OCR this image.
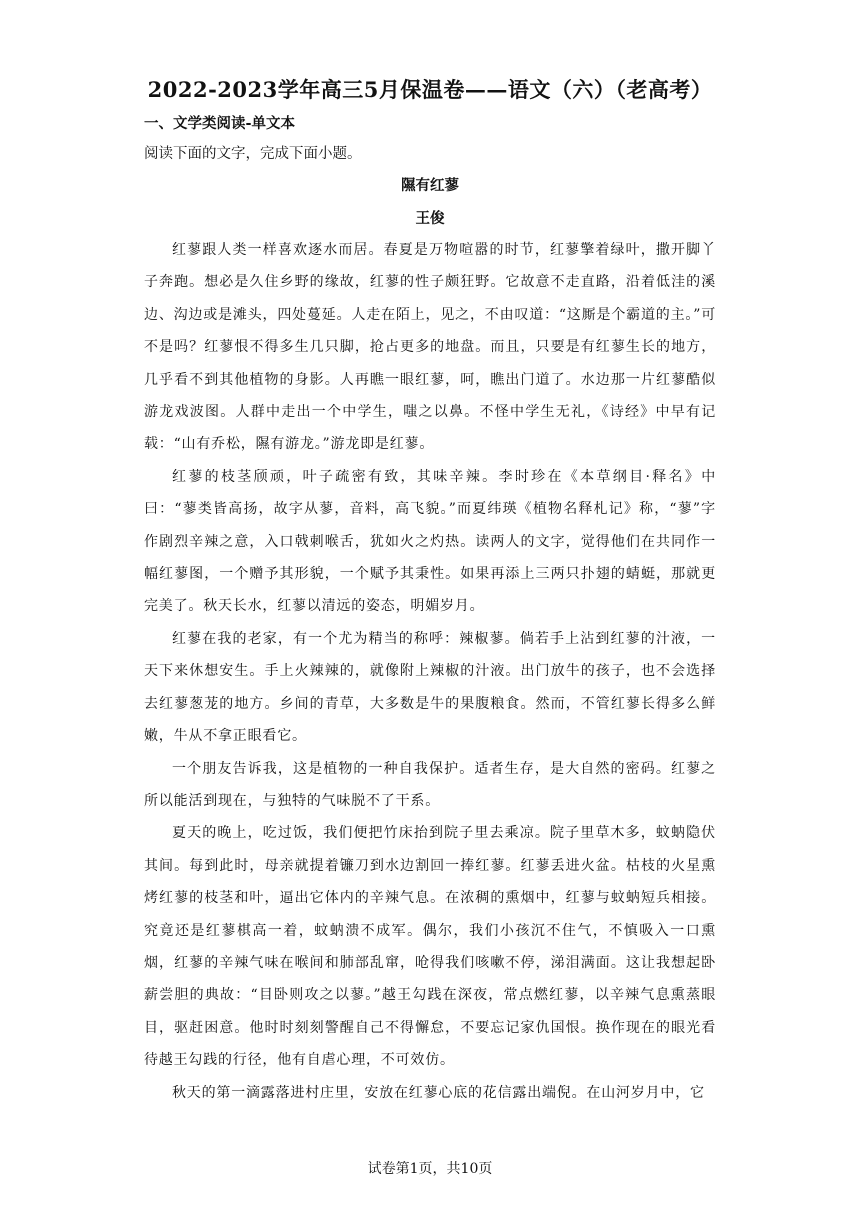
2022-2023学年高三5月保温卷——语文（六）（老高考）
一、文学类阅读-单文本
阅读下面的文字，完成下面小题。
隰有红蓼
王俊

红蓼跟人类一样喜欢逐水而居。春夏是万物喧嚣的时节，红蓼擎着绿叶，撒开脚丫子奔跑。想必是久住乡野的缘故，红蓼的性子颇狂野。它故意不走直路，沿着低洼的溪边、沟边或是滩头，四处蔓延。人走在陌上，见之，不由叹道：“这厮是个霸道的主。”可不是吗？红蓼恨不得多生几只脚，抢占更多的地盘。而且，只要是有红蓼生长的地方，几乎看不到其他植物的身影。人再瞧一眼红蓼，呵，瞧出门道了。水边那一片红蓼酷似游龙戏波图。人群中走出一个中学生，嗤之以鼻。不怪中学生无礼，《诗经》中早有记载：“山有乔松，隰有游龙。”游龙即是红蓼。

红蓼的枝茎颀顽，叶子疏密有致，其味辛辣。李时珍在《本草纲目·释名》中曰：“蓼类皆高扬，故字从蓼，音料，高飞貌。”而夏纬瑛《植物名释札记》称，“蓼”字作剧烈辛辣之意，入口戟刺喉舌，犹如火之灼热。读两人的文字，觉得他们在共同作一幅红蓼图，一个赠予其形貌，一个赋予其秉性。如果再添上三两只扑翅的蜻蜓，那就更完美了。秋天长水，红蓼以清远的姿态，明媚岁月。

红蓼在我的老家，有一个尤为精当的称呼：辣椒蓼。倘若手上沾到红蓼的汁液，一天下来休想安生。手上火辣辣的，就像附上辣椒的汁液。出门放牛的孩子，也不会选择去红蓼葱茏的地方。乡间的青草，大多数是牛的果腹粮食。然而，不管红蓼长得多么鲜嫩，牛从不拿正眼看它。

一个朋友告诉我，这是植物的一种自我保护。适者生存，是大自然的密码。红蓼之所以能活到现在，与独特的气味脱不了干系。

夏天的晚上，吃过饭，我们便把竹床抬到院子里去乘凉。院子里草木多，蚊蚋隐伏其间。每到此时，母亲就提着镰刀到水边割回一捧红蓼。红蓼丢进火盆。枯枝的火星熏烤红蓼的枝茎和叶，逼出它体内的辛辣气息。在浓稠的熏烟中，红蓼与蚊蚋短兵相接。究竟还是红蓼棋高一着，蚊蚋溃不成军。偶尔，我们小孩沉不住气，不慎吸入一口熏烟，红蓼的辛辣气味在喉间和肺部乱窜，呛得我们咳嗽不停，涕泪满面。这让我想起卧薪尝胆的典故：“目卧则攻之以蓼。”越王勾践在深夜，常点燃红蓼，以辛辣气息熏蒸眼目，驱赶困意。他时时刻刻警醒自己不得懈怠，不要忘记家仇国恨。换作现在的眼光看待越王勾践的行径，他有自虐心理，不可效仿。

秋天的第一滴露落进村庄里，安放在红蓼心底的花信露出端倪。在山河岁月中，它

试卷第1页，共10页
